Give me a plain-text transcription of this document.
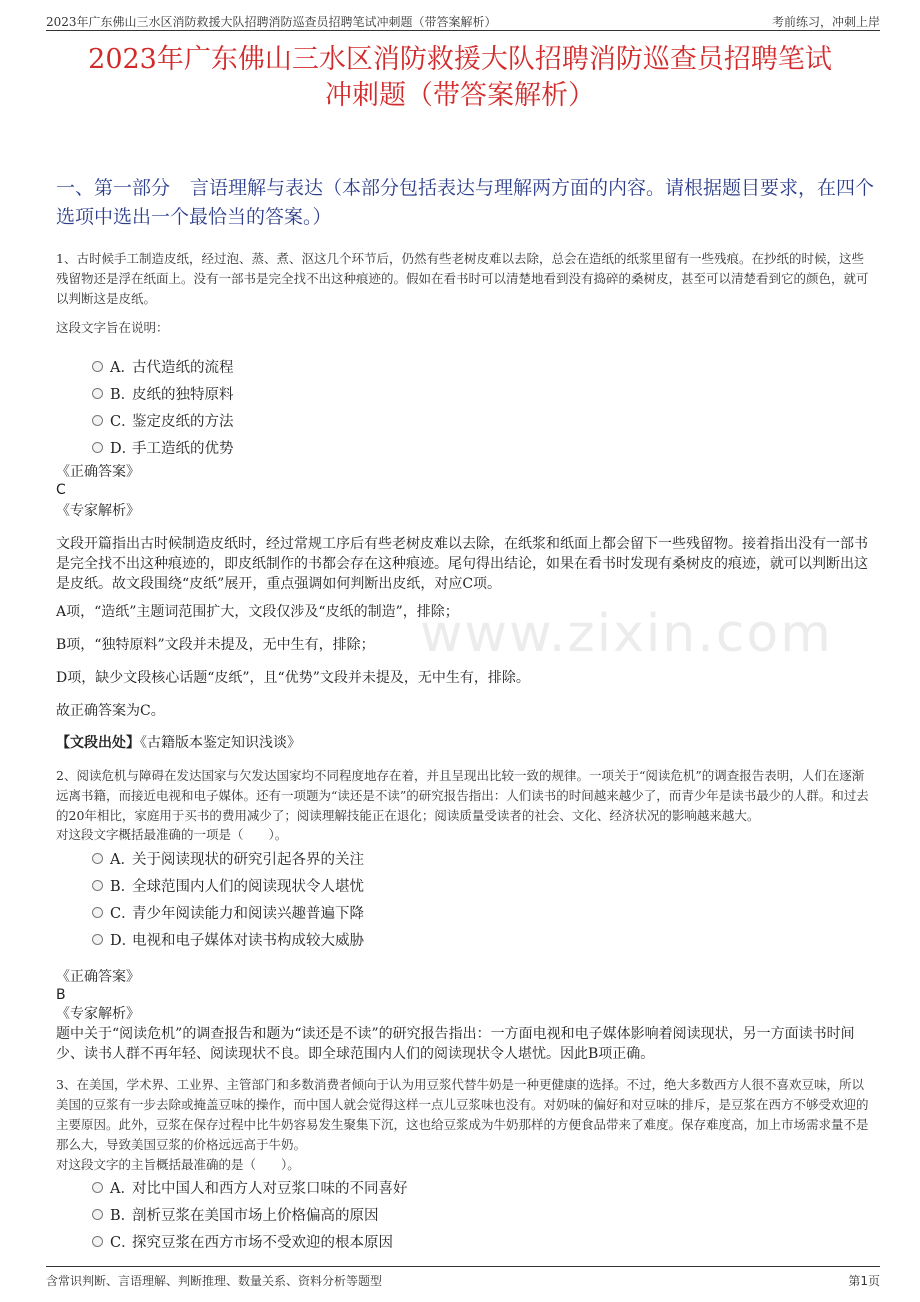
2023年广东佛山三水区消防救援大队招聘消防巡查员招聘笔试冲刺题（带答案解析）	考前练习，冲刺上岸
2023年广东佛山三水区消防救援大队招聘消防巡查员招聘笔试
冲刺题（带答案解析）
一、第一部分 言语理解与表达（本部分包括表达与理解两方面的内容。请根据题目要求，在四个选项中选出一个最恰当的答案。）
www.zixin.com
1、古时候手工制造皮纸，经过泡、蒸、煮、沤这几个环节后，仍然有些老树皮难以去除，总会在造纸的纸浆里留有一些残痕。在抄纸的时候，这些残留物还是浮在纸面上。没有一部书是完全找不出这种痕迹的。假如在看书时可以清楚地看到没有捣碎的桑树皮，甚至可以清楚看到它的颜色，就可以判断这是皮纸。
这段文字旨在说明：
A．
古代造纸的流程
B．
皮纸的独特原料
C．
鉴定皮纸的方法
D．
手工造纸的优势
《正确答案》
C
《专家解析》
文段开篇指出古时候制造皮纸时，经过常规工序后有些老树皮难以去除，在纸浆和纸面上都会留下一些残留物。接着指出没有一部书是完全找不出这种痕迹的，即皮纸制作的书都会存在这种痕迹。尾句得出结论，如果在看书时发现有桑树皮的痕迹，就可以判断出这是皮纸。故文段围绕“皮纸”展开，重点强调如何判断出皮纸，对应C项。
A项，“造纸”主题词范围扩大，文段仅涉及“皮纸的制造”，排除；
B项，“独特原料”文段并未提及，无中生有，排除；
D项，缺少文段核心话题“皮纸”，且“优势”文段并未提及，无中生有，排除。
故正确答案为C。
【文段出处】《古籍版本鉴定知识浅谈》
2、阅读危机与障碍在发达国家与欠发达国家均不同程度地存在着，并且呈现出比较一致的规律。一项关于“阅读危机”的调查报告表明，人们在逐渐远离书籍，而接近电视和电子媒体。还有一项题为“读还是不读”的研究报告指出：人们读书的时间越来越少了，而青少年是读书最少的人群。和过去的20年相比，家庭用于买书的费用减少了；阅读理解技能正在退化；阅读质量受读者的社会、文化、经济状况的影响越来越大。
对这段文字概括最准确的一项是（　　）。
A．
关于阅读现状的研究引起各界的关注
B．
全球范围内人们的阅读现状令人堪忧
C．
青少年阅读能力和阅读兴趣普遍下降
D．
电视和电子媒体对读书构成较大威胁
《正确答案》
B
《专家解析》
题中关于“阅读危机”的调查报告和题为“读还是不读”的研究报告指出：一方面电视和电子媒体影响着阅读现状，另一方面读书时间少、读书人群不再年轻、阅读现状不良。即全球范围内人们的阅读现状令人堪忧。因此B项正确。
3、在美国，学术界、工业界、主管部门和多数消费者倾向于认为用豆浆代替牛奶是一种更健康的选择。不过，绝大多数西方人很不喜欢豆味，所以美国的豆浆有一步去除或掩盖豆味的操作，而中国人就会觉得这样一点儿豆浆味也没有。对奶味的偏好和对豆味的排斥，是豆浆在西方不够受欢迎的主要原因。此外，豆浆在保存过程中比牛奶容易发生聚集下沉，这也给豆浆成为牛奶那样的方便食品带来了难度。保存难度高，加上市场需求量不是那么大，导致美国豆浆的价格远远高于牛奶。
对这段文字的主旨概括最准确的是（　　）。
A．
对比中国人和西方人对豆浆口味的不同喜好
B．
剖析豆浆在美国市场上价格偏高的原因
C．
探究豆浆在西方市场不受欢迎的根本原因
含常识判断、言语理解、判断推理、数量关系、资料分析等题型	第1页
